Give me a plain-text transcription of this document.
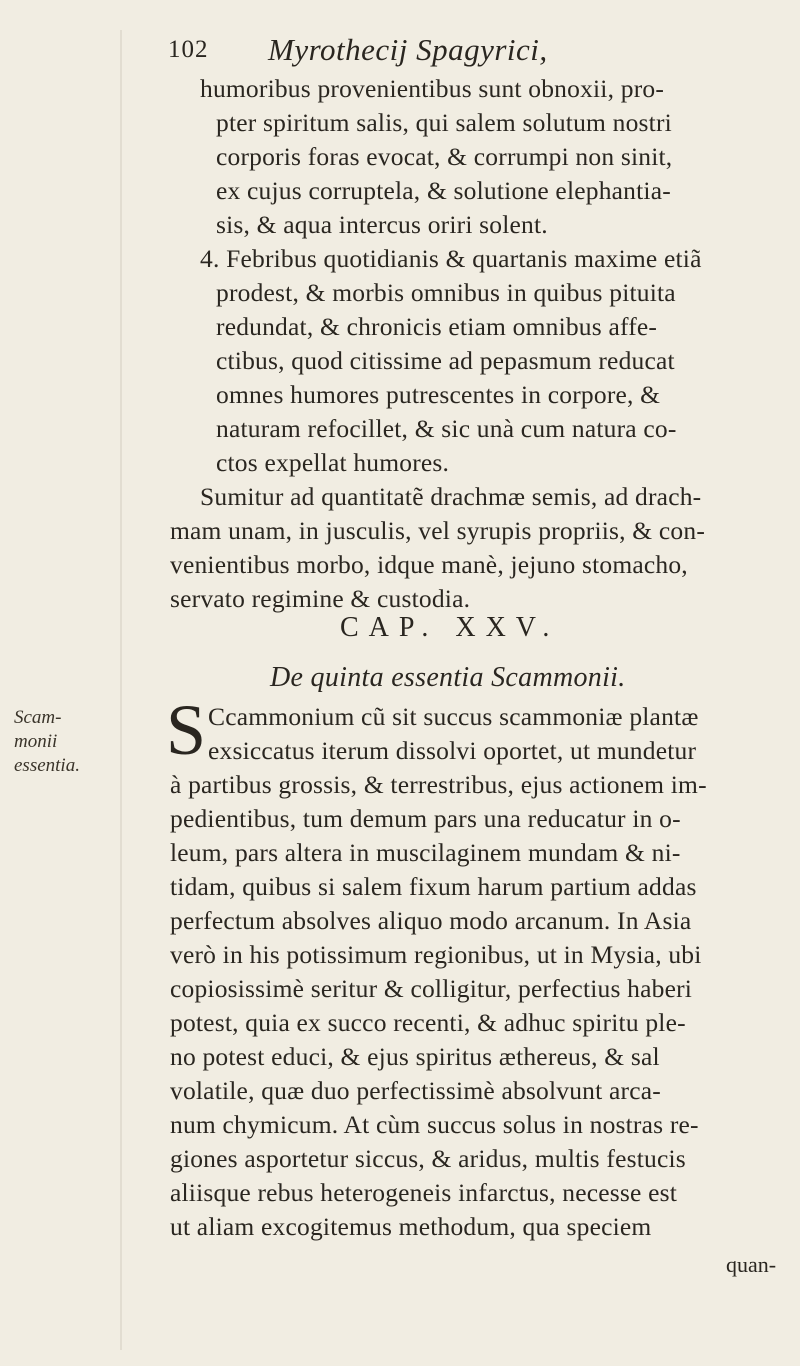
102 Myrothecij Spagyrici,
humoribus provenientibus sunt obnoxii, pro-
pter spiritum salis, qui salem solutum nostri
corporis foras evocat, & corrumpi non sinit,
ex cujus corruptela, & solutione elephantia-
sis, & aqua intercus oriri solent.
4. Febribus quotidianis & quartanis maxime etiã
prodest, & morbis omnibus in quibus pituita
redundat, & chronicis etiam omnibus affe-
ctibus, quod citissime ad pepasmum reducat
omnes humores putrescentes in corpore, &
naturam refocillet, & sic unà cum natura co-
ctos expellat humores.
Sumitur ad quantitatẽ drachmæ semis, ad drach-
mam unam, in jusculis, vel syrupis propriis, & con-
venientibus morbo, idque manè, jejuno stomacho,
servato regimine & custodia.
CAP. XXV.
De quinta essentia Scammonii.
Scam-
monii
essentia. S Ccammonium cũ sit succus scammoniæ plantæ
exsiccatus iterum dissolvi oportet, ut mundetur
à partibus grossis, & terrestribus, ejus actionem im-
pedientibus, tum demum pars una reducatur in o-
leum, pars altera in muscilaginem mundam & ni-
tidam, quibus si salem fixum harum partium addas
perfectum absolves aliquo modo arcanum. In Asia
verò in his potissimum regionibus, ut in Mysia, ubi
copiosissimè seritur & colligitur, perfectius haberi
potest, quia ex succo recenti, & adhuc spiritu ple-
no potest educi, & ejus spiritus æthereus, & sal
volatile, quæ duo perfectissimè absolvunt arca-
num chymicum. At cùm succus solus in nostras re-
giones asportetur siccus, & aridus, multis festucis
aliisque rebus heterogeneis infarctus, necesse est
ut aliam excogitemus methodum, qua speciem
quan-
